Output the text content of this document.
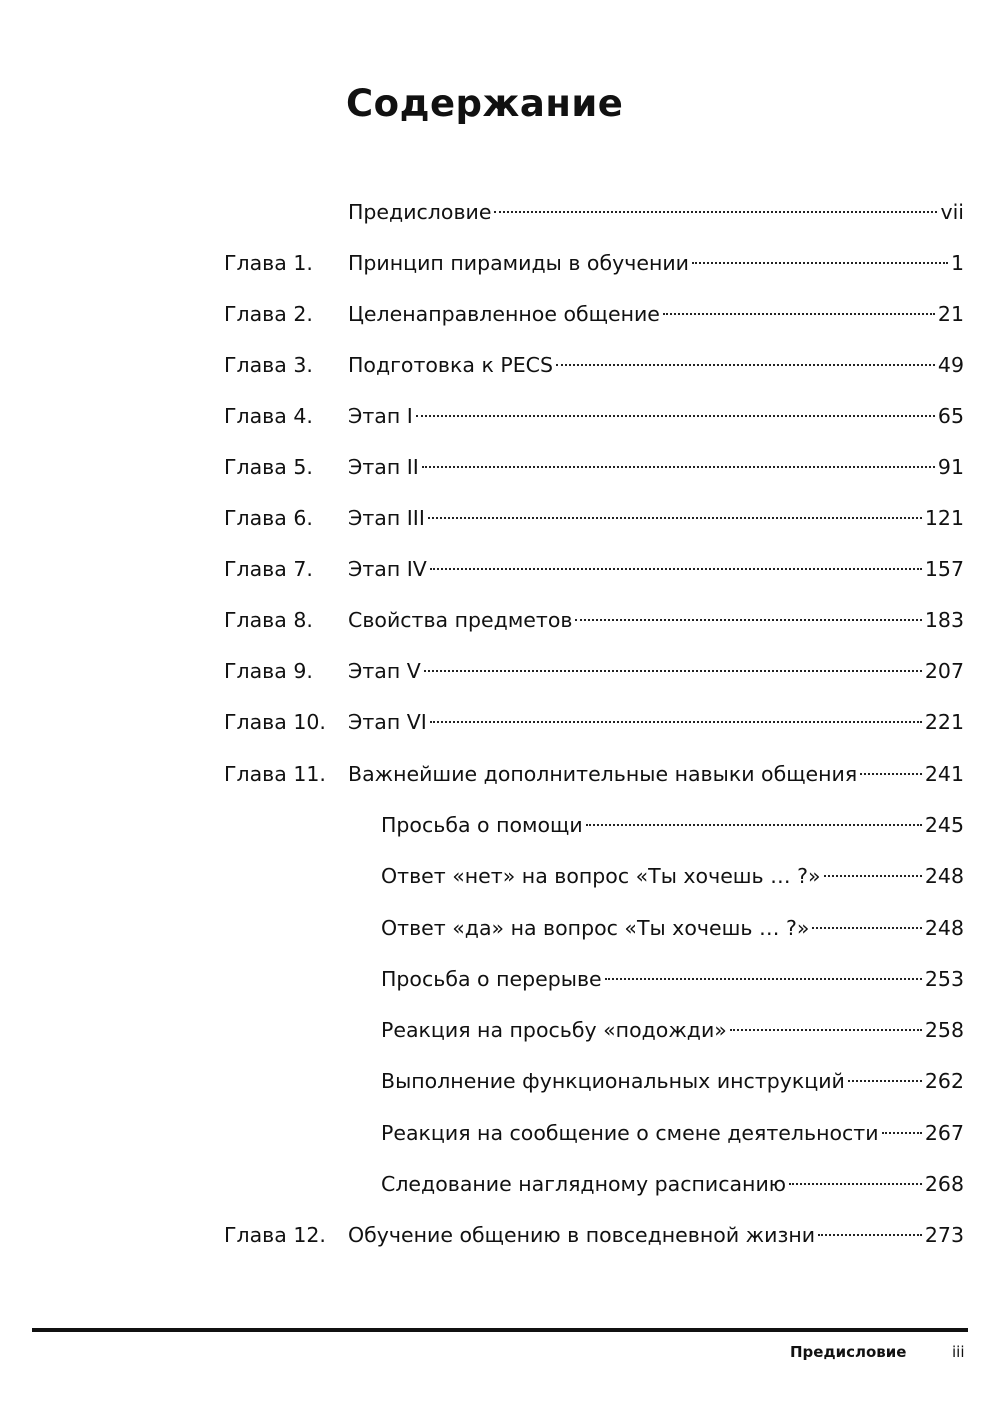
Содержание
Предисловие	vii
Глава 1. Принцип пирамиды в обучении	1
Глава 2. Целенаправленное общение	21
Глава 3. Подготовка к PECS	49
Глава 4. Этап I	65
Глава 5. Этап II	91
Глава 6. Этап III	121
Глава 7. Этап IV	157
Глава 8. Свойства предметов	183
Глава 9. Этап V	207
Глава 10. Этап VI	221
Глава 11. Важнейшие дополнительные навыки общения	241
Просьба о помощи	245
Ответ «нет» на вопрос «Ты хочешь … ?»	248
Ответ «да» на вопрос «Ты хочешь … ?»	248
Просьба о перерыве	253
Реакция на просьбу «подожди»	258
Выполнение функциональных инструкций	262
Реакция на сообщение о смене деятельности 267
Следование наглядному расписанию	268
Глава 12. Обучение общению в повседневной жизни	273
Предисловие	iii
